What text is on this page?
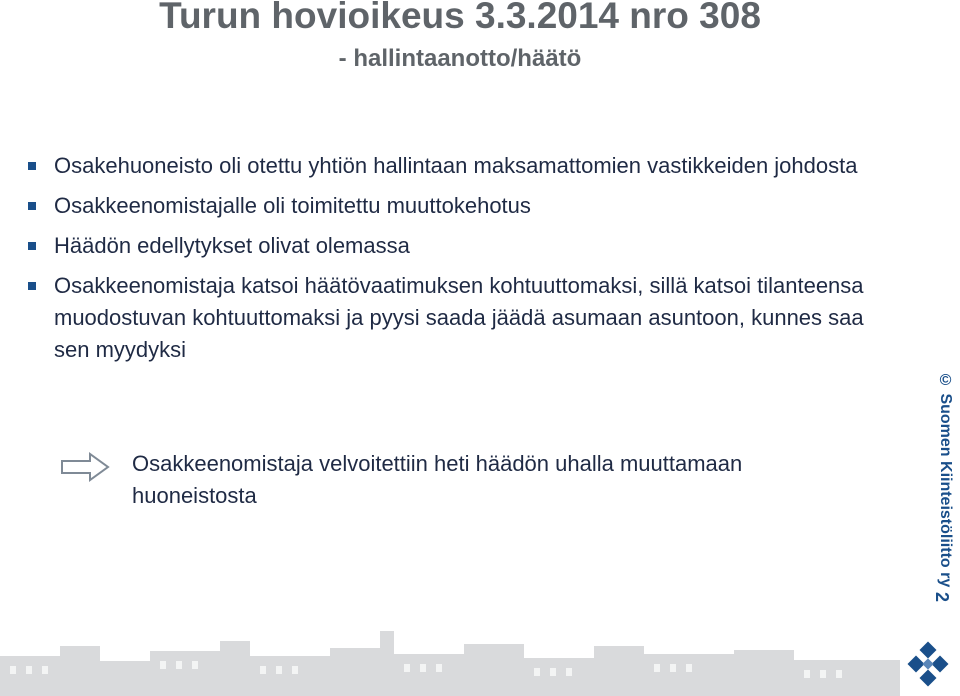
Turun hovioikeus 3.3.2014 nro 308
- hallintaanotto/häätö
Osakehuoneisto oli otettu yhtiön hallintaan maksamattomien vastikkeiden johdosta
Osakkeenomistajalle oli toimitettu muuttokehotus
Häädön edellytykset olivat olemassa
Osakkeenomistaja katsoi häätövaatimuksen kohtuuttomaksi, sillä katsoi tilanteensa muodostuvan kohtuuttomaksi ja pyysi saada jäädä asumaan asuntoon, kunnes saa sen myydyksi
Osakkeenomistaja velvoitettiin heti häädön uhalla muuttamaan huoneistosta	© Suomen Kiinteistöliitto ry
2
